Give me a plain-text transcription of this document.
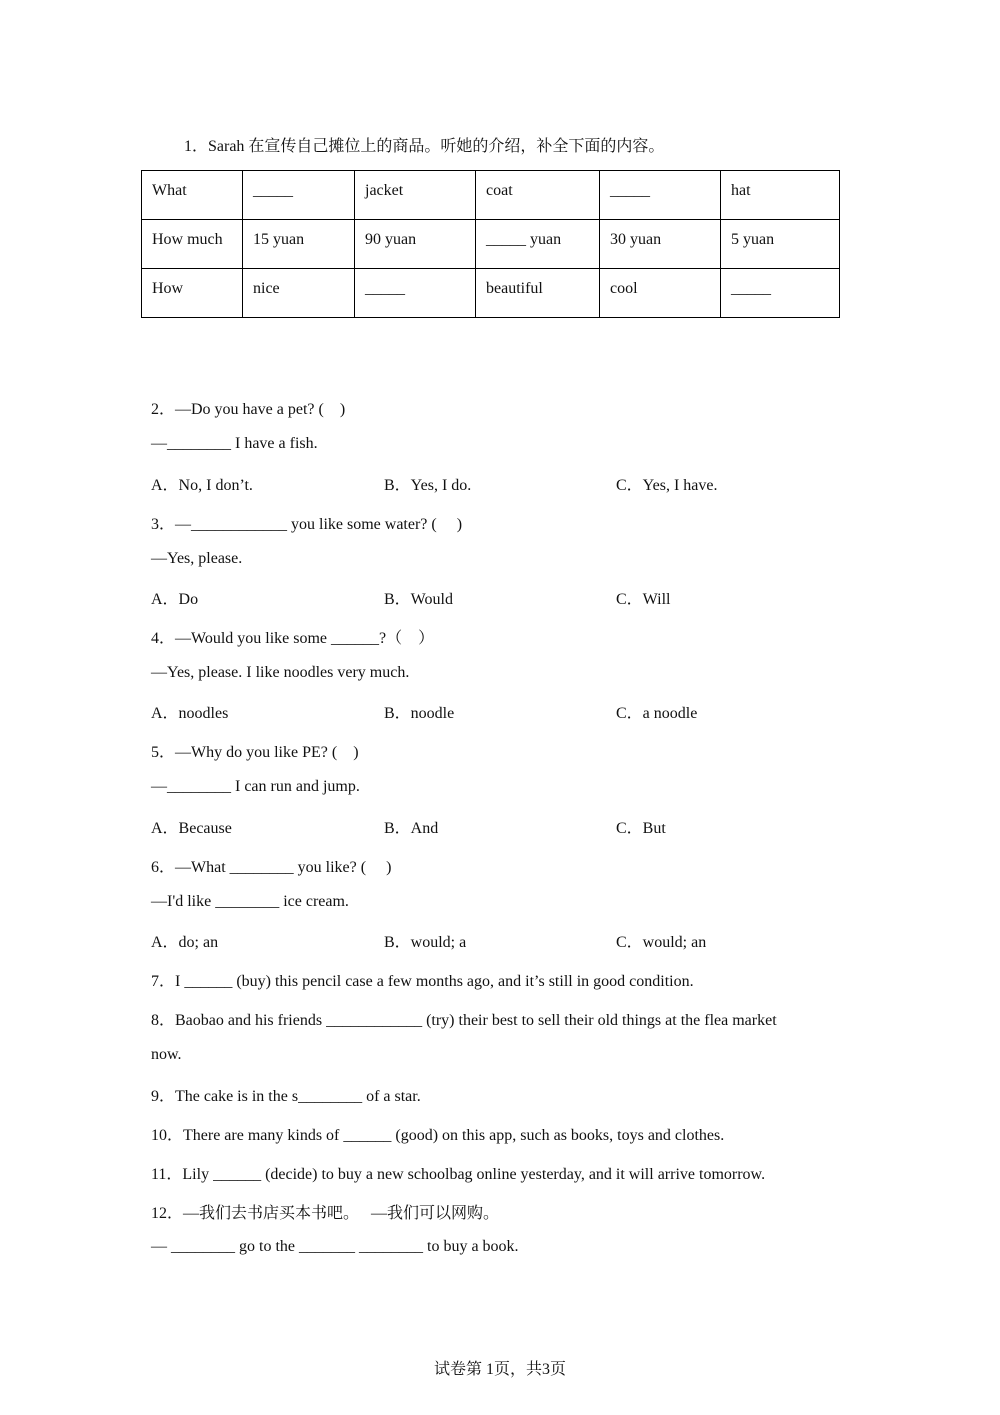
1．Sarah 在宣传自己摊位上的商品。听她的介绍，补全下面的内容。
What	_____	jacket	coat	_____	hat
How much	15 yuan	90 yuan	_____ yuan	30 yuan	5 yuan
How	nice	_____	beautiful	cool	_____
2．—Do you have a pet? (　)
—________ I have a fish.
A．No, I don’t.	B．Yes, I do.	C．Yes, I have.
3．—____________ you like some water? (　 )
—Yes, please.
A．Do	B．Would	C．Will
4．—Would you like some ______?（　）
—Yes, please. I like noodles very much.
A．noodles	B．noodle	C．a noodle
5．—Why do you like PE? (　)
—________ I can run and jump.
A．Because	B．And	C．But
6．—What ________ you like? (　 )
—I'd like ________ ice cream.
A．do; an	B．would; a	C．would; an
7．I ______ (buy) this pencil case a few months ago, and it’s still in good condition.
8．Baobao and his friends ____________ (try) their best to sell their old things at the flea market
now.
9．The cake is in the s________ of a star.
10．There are many kinds of ______ (good) on this app, such as books, toys and clothes.
11．Lily ______ (decide) to buy a new schoolbag online yesterday, and it will arrive tomorrow.
12．—我们去书店买本书吧。　 —我们可以网购。
— ________ go to the _______ ________ to buy a book.
试卷第 1页，共3页
